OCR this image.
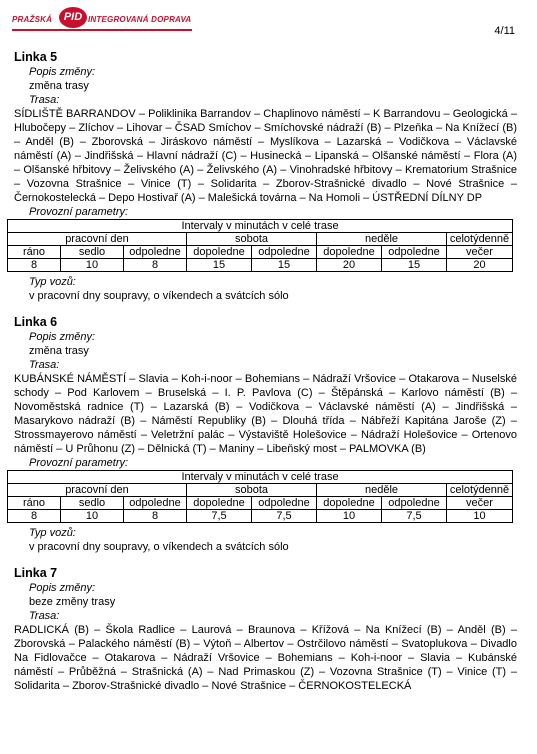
PRAŽSKÁ	PID INTEGROVANÁ DOPRAVA
4/11
Linka 5
Popis změny:
změna trasy
Trasa:
SÍDLIŠTĚ BARRANDOV – Poliklinika Barrandov – Chaplinovo náměstí – K Barrandovu – Geologická – Hlubočepy – Zlíchov – Lihovar – ČSAD Smíchov – Smíchovské nádraží (B) – Plzeňka – Na Knížecí (B) – Anděl (B) – Zborovská – Jiráskovo náměstí – Myslíkova – Lazarská – Vodičkova – Václavské náměstí (A) – Jindřišská – Hlavní nádraží (C) – Husinecká – Lipanská – Olšanské náměstí – Flora (A) – Olšanské hřbitovy – Želivského (A) – Želivského (A) – Vinohradské hřbitovy – Krematorium Strašnice – Vozovna Strašnice – Vinice (T) – Solidarita – Zborov-Strašnické divadlo – Nové Strašnice – Černokostelecká – Depo Hostivař (A) – Malešická továrna – Na Homoli – ÚSTŘEDNÍ DÍLNY DP
Provozní parametry:
Intervaly v minutách v celé trase							
pracovní den			sobota		neděle		celotýdenně
ráno	sedlo	odpoledne	dopoledne	odpoledne	dopoledne	odpoledne	večer
8	10	8	15	15	20	15	20
Typ vozů:
v pracovní dny soupravy, o víkendech a svátcích sólo
Linka 6
Popis změny:
změna trasy
Trasa:
KUBÁNSKÉ NÁMĚSTÍ – Slavia – Koh-i-noor – Bohemians – Nádraží Vršovice – Otakarova – Nuselské schody – Pod Karlovem – Bruselská – I. P. Pavlova (C) – Štěpánská – Karlovo náměstí (B) – Novoměstská radnice (T) – Lazarská (B) – Vodičkova – Václavské náměstí (A) – Jindřišská – Masarykovo nádraží (B) – Náměstí Republiky (B) – Dlouhá třída – Nábřeží Kapitána Jaroše (Z) – Strossmayerovo náměstí – Veletržní palác – Výstaviště Holešovice – Nádraží Holešovice – Ortenovo náměstí – U Průhonu (Z) – Dělnická (T) – Maniny – Libeňský most – PALMOVKA (B)
Provozní parametry:
Intervaly v minutách v celé trase							
pracovní den			sobota		neděle		celotýdenně
ráno	sedlo	odpoledne	dopoledne	odpoledne	dopoledne	odpoledne	večer
8	10	8	7,5	7,5	10	7,5	10
Typ vozů:
v pracovní dny soupravy, o víkendech a svátcích sólo
Linka 7
Popis změny:
beze změny trasy
Trasa:
RADLICKÁ (B) – Škola Radlice – Laurová – Braunova – Křížová – Na Knížecí (B) – Anděl (B) – Zborovská – Palackého náměstí (B) – Výtoň – Albertov – Ostrčilovo náměstí – Svatoplukova – Divadlo Na Fidlovačce – Otakarova – Nádraží Vršovice – Bohemians – Koh-i-noor – Slavia – Kubánské náměstí – Průběžná – Strašnická (A) – Nad Primaskou (Z) – Vozovna Strašnice (T) – Vinice (T) – Solidarita – Zborov-Strašnické divadlo – Nové Strašnice – ČERNOKOSTELECKÁ
